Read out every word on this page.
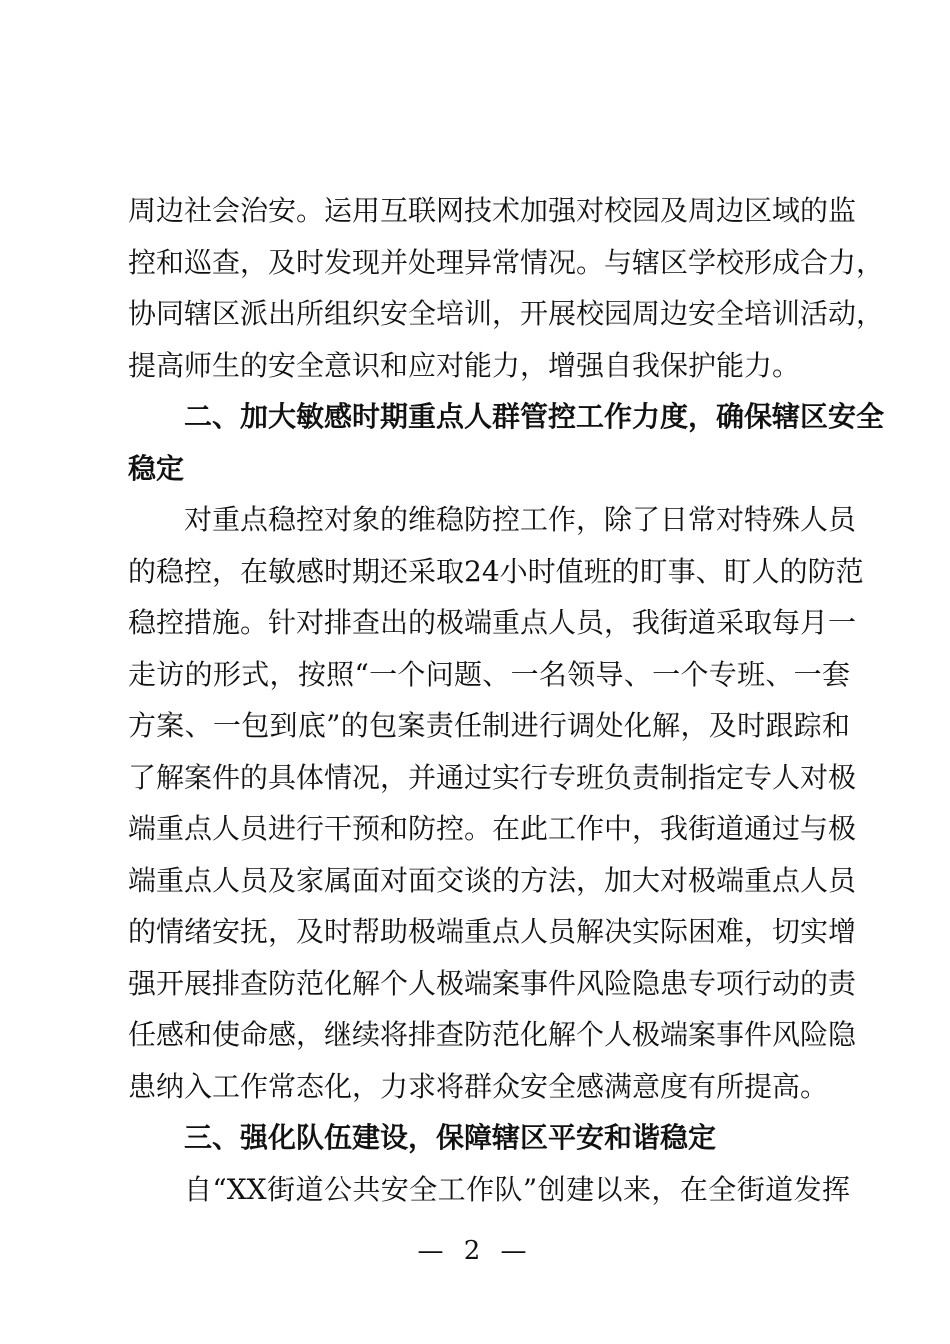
周边社会治安。运用互联网技术加强对校园及周边区域的监
控和巡查，及时发现并处理异常情况。与辖区学校形成合力，
协同辖区派出所组织安全培训，开展校园周边安全培训活动，
提高师生的安全意识和应对能力，增强自我保护能力。
二、加大敏感时期重点人群管控工作力度，确保辖区安全
稳定
对重点稳控对象的维稳防控工作，除了日常对特殊人员
的稳控，在敏感时期还采取24小时值班的盯事、盯人的防范
稳控措施。针对排查出的极端重点人员，我街道采取每月一
走访的形式，按照“一个问题、一名领导、一个专班、一套
方案、一包到底”的包案责任制进行调处化解，及时跟踪和
了解案件的具体情况，并通过实行专班负责制指定专人对极
端重点人员进行干预和防控。在此工作中，我街道通过与极
端重点人员及家属面对面交谈的方法，加大对极端重点人员
的情绪安抚，及时帮助极端重点人员解决实际困难，切实增
强开展排查防范化解个人极端案事件风险隐患专项行动的责
任感和使命感，继续将排查防范化解个人极端案事件风险隐
患纳入工作常态化，力求将群众安全感满意度有所提高。
三、强化队伍建设，保障辖区平安和谐稳定
自“XX街道公共安全工作队”创建以来，在全街道发挥
— 2 —
